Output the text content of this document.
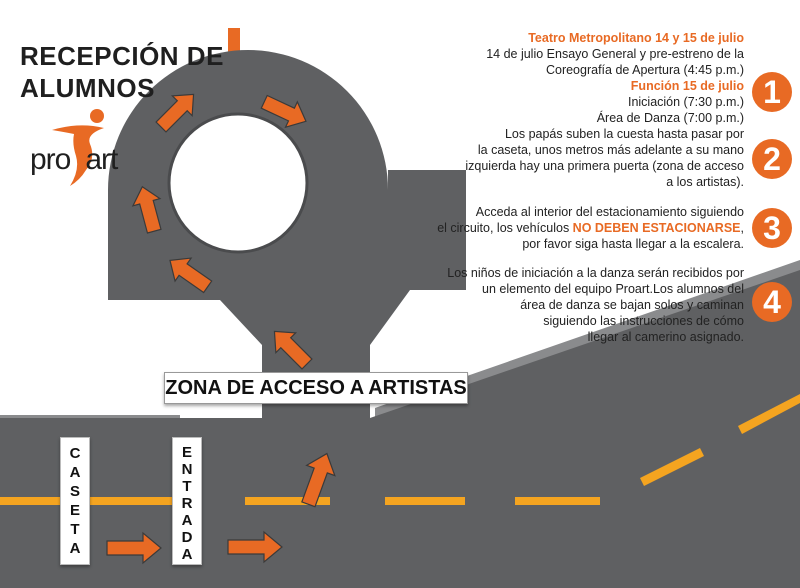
RECEPCIÓN DE
ALUMNOS
pro art
Teatro Metropolitano 14 y 15 de julio
14 de julio Ensayo General y pre-estreno de la
Coreografía de Apertura (4:45 p.m.)
Función 15 de julio
Iniciación (7:30 p.m.)
Área de Danza (7:00 p.m.)
1
Los papás suben la cuesta hasta pasar por
la caseta, unos metros más adelante a su mano
izquierda hay una primera puerta (zona de acceso
a los artistas).
2
Acceda al interior del estacionamiento siguiendo
el circuito, los vehículos NO DEBEN ESTACIONARSE,
por favor siga hasta llegar a la escalera. 3
Los niños de iniciación a la danza serán recibidos por
un elemento del equipo Proart.Los alumnos del
área de danza se bajan solos y caminan
siguiendo las instrucciones de cómo
llegar al camerino asignado.
4
ZONA DE ACCESO A ARTISTAS
C
A
S
E
T
A
E
N
T
R
A
D
A
